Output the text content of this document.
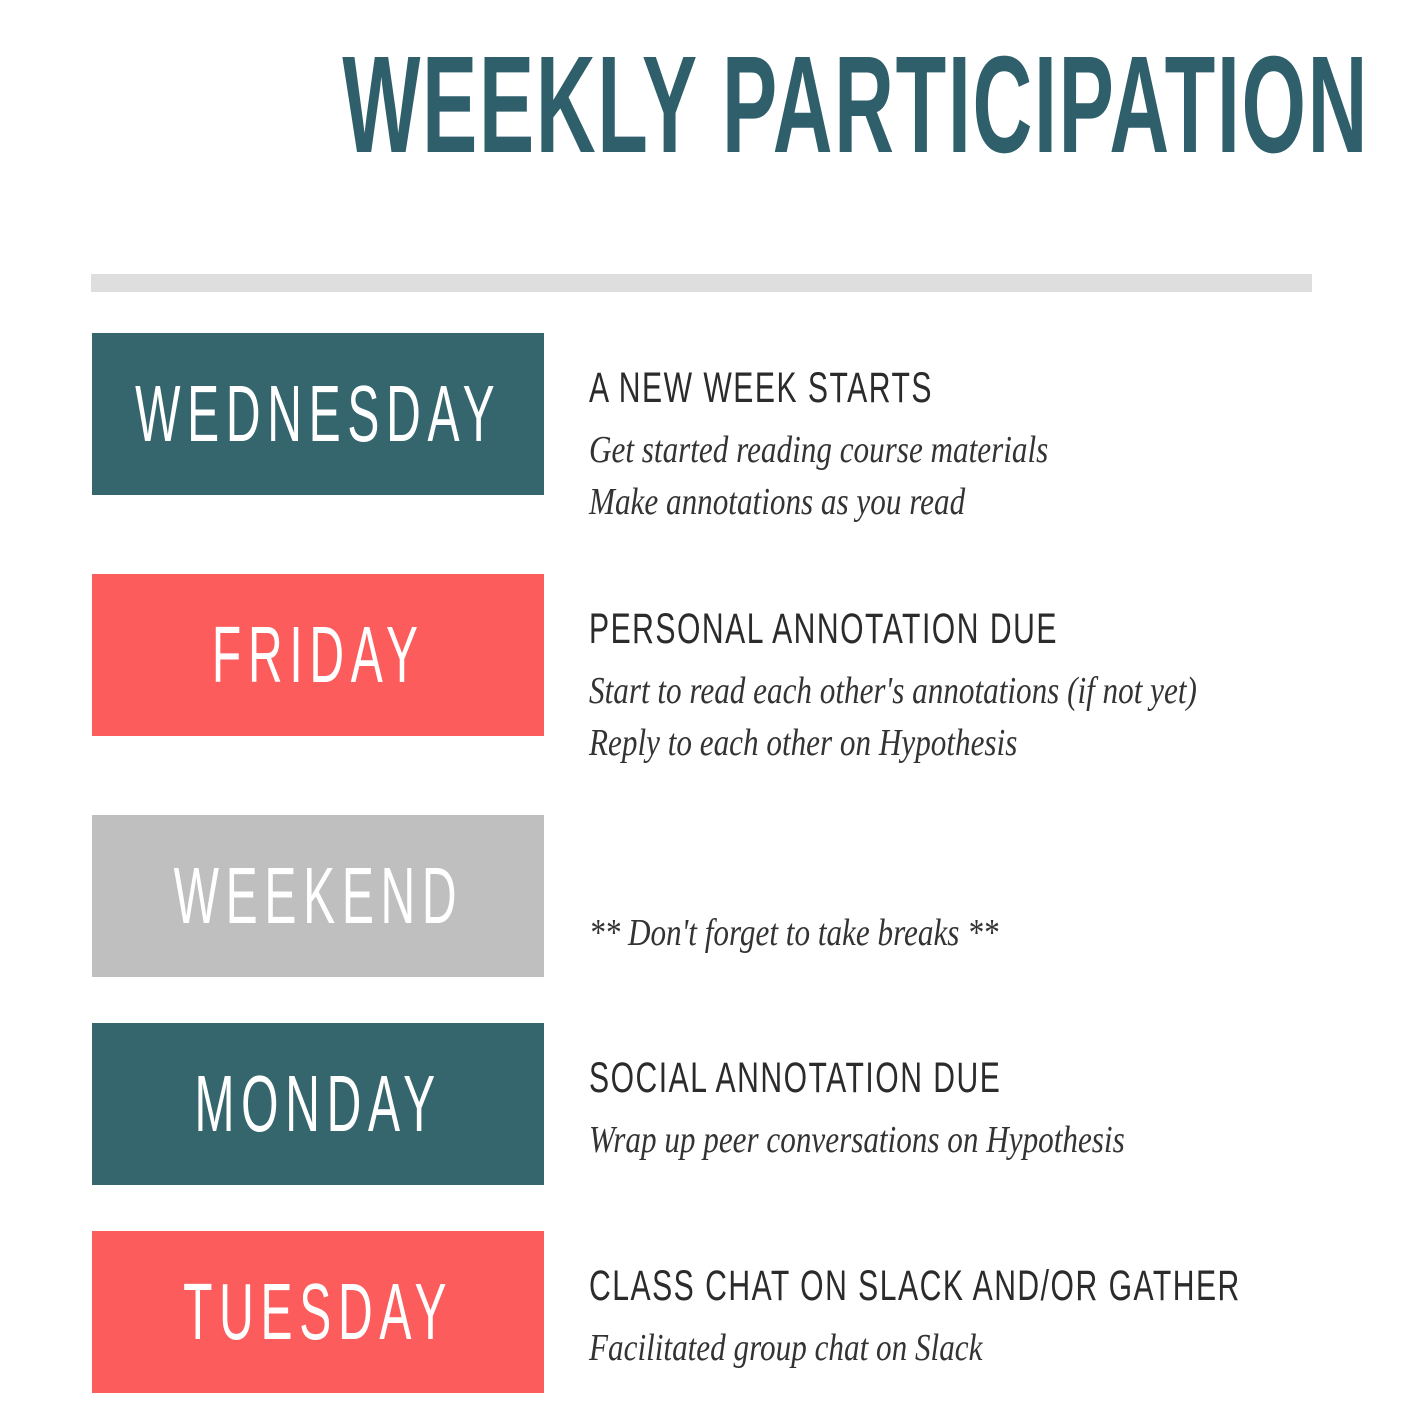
WEEKLY PARTICIPATION
WEDNESDAY A NEW WEEK STARTS
Get started reading course materials
Make annotations as you read
FRIDAY	PERSONAL ANNOTATION DUE
Start to read each other's annotations (if not yet)
Reply to each other on Hypothesis
WEEKEND	** Don't forget to take breaks **
MONDAY	SOCIAL ANNOTATION DUE
Wrap up peer conversations on Hypothesis
TUESDAY	CLASS CHAT ON SLACK AND/OR GATHER
Facilitated group chat on Slack
